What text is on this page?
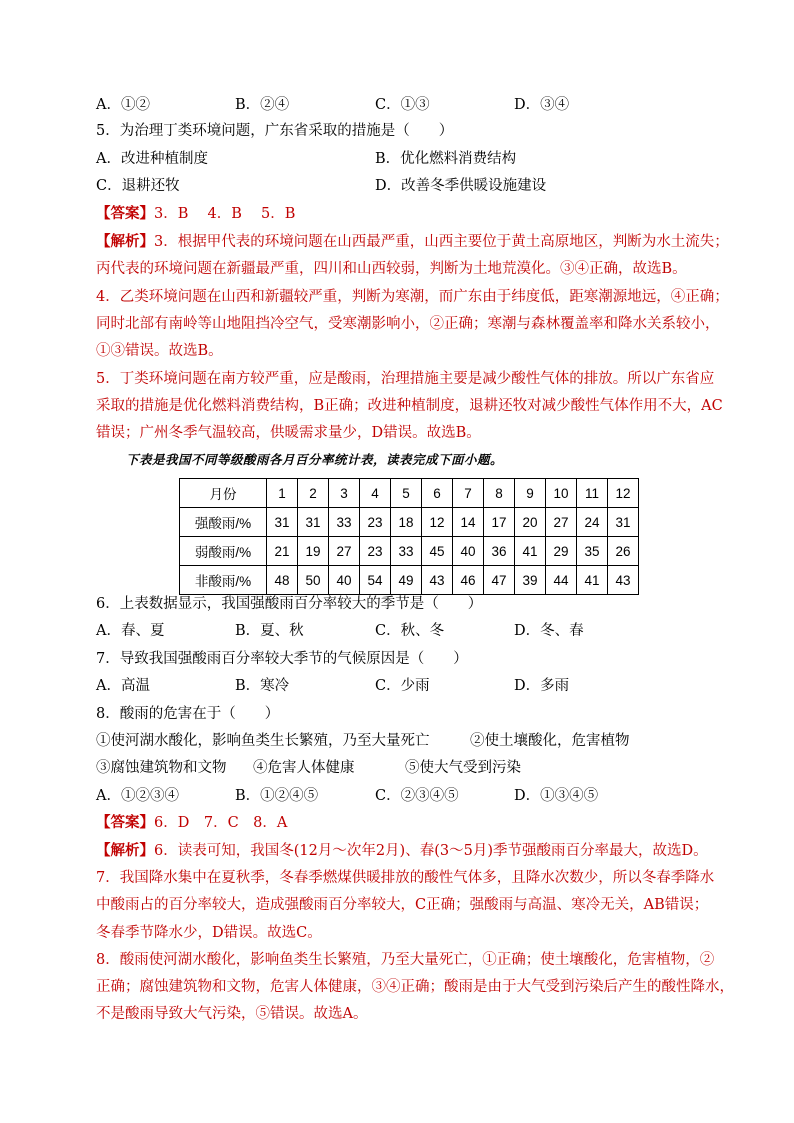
A．①②	B．②④	C．①③	D．③④
5．为治理丁类环境问题，广东省采取的措施是（　　）
A．改进种植制度	B．优化燃料消费结构
C．退耕还牧	D．改善冬季供暖设施建设
【答案】3．B　 4．B　 5．B
【解析】3．根据甲代表的环境问题在山西最严重，山西主要位于黄土高原地区，判断为水土流失；
丙代表的环境问题在新疆最严重，四川和山西较弱，判断为土地荒漠化。③④正确，故选B。
4．乙类环境问题在山西和新疆较严重，判断为寒潮，而广东由于纬度低，距寒潮源地远，④正确；
同时北部有南岭等山地阻挡冷空气，受寒潮影响小，②正确；寒潮与森林覆盖率和降水关系较小，
①③错误。故选B。
5．丁类环境问题在南方较严重，应是酸雨，治理措施主要是减少酸性气体的排放。所以广东省应
采取的措施是优化燃料消费结构，B正确；改进种植制度，退耕还牧对减少酸性气体作用不大，AC
错误；广州冬季气温较高，供暖需求量少，D错误。故选B。
下表是我国不同等级酸雨各月百分率统计表，读表完成下面小题。
月份	1	2	3	4	5	6	7	8	9	10	11	12
强酸雨/%	31	31	33	23	18	12	14	17	20	27	24	31
弱酸雨/%	21	19	27	23	33	45	40	36	41	29	35	26
非酸雨/%	48	50	40	54	49	43	46	47	39	44	41	43
6．上表数据显示，我国强酸雨百分率较大的季节是（　　）
A．春、夏	B．夏、秋	C．秋、冬	D．冬、春
7．导致我国强酸雨百分率较大季节的气候原因是（　　）
A．高温	B．寒冷	C．少雨	D．多雨
8．酸雨的危害在于（　　）
①使河湖水酸化，影响鱼类生长繁殖，乃至大量死亡	②使土壤酸化，危害植物
③腐蚀建筑物和文物 ④危害人体健康	⑤使大气受到污染
A．①②③④	B．①②④⑤	C．②③④⑤	D．①③④⑤
【答案】6．D　7．C　8．A
【解析】6．读表可知，我国冬(12月～次年2月)、春(3～5月)季节强酸雨百分率最大，故选D。
7．我国降水集中在夏秋季，冬春季燃煤供暖排放的酸性气体多，且降水次数少，所以冬春季降水
中酸雨占的百分率较大，造成强酸雨百分率较大，C正确；强酸雨与高温、寒冷无关，AB错误；
冬春季节降水少，D错误。故选C。
8．酸雨使河湖水酸化，影响鱼类生长繁殖，乃至大量死亡，①正确；使土壤酸化，危害植物，②
正确；腐蚀建筑物和文物，危害人体健康，③④正确；酸雨是由于大气受到污染后产生的酸性降水，
不是酸雨导致大气污染，⑤错误。故选A。
